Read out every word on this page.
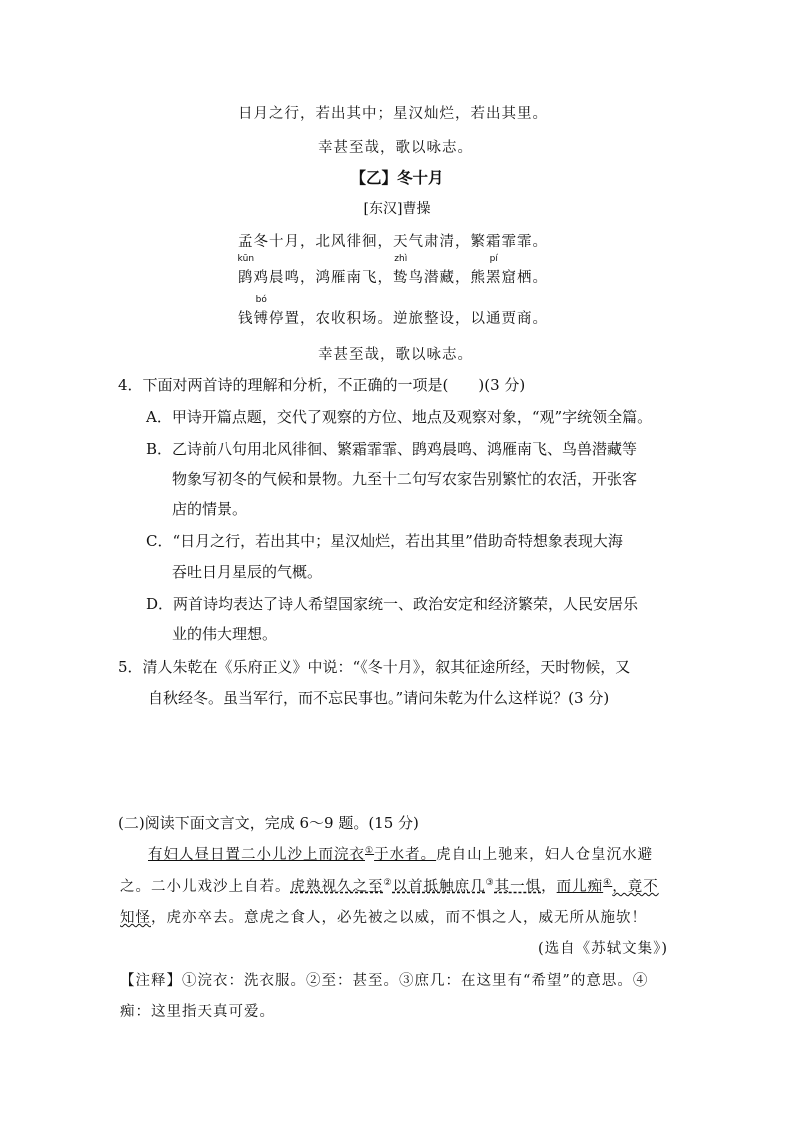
日月之行，若出其中；星汉灿烂，若出其里。
幸甚至哉，歌以咏志。
【乙】冬十月
[东汉]曹操
孟冬十月，北风徘徊，天气肃清，繁霜霏霏。
kūn
鹍鸡晨鸣，鸿雁南飞，
zhì
鸷鸟潜藏，熊
pí
罴窟栖。
钱
bó
镈停置，农收积场。逆旅整设，以通贾商。
幸甚至哉，歌以咏志。
4．下面对两首诗的理解和分析，不正确的一项是(　　)(3 分)
A．甲诗开篇点题，交代了观察的方位、地点及观察对象，“观”字统领全篇。
B．乙诗前八句用北风徘徊、繁霜霏霏、鹍鸡晨鸣、鸿雁南飞、鸟兽潜藏等
物象写初冬的气候和景物。九至十二句写农家告别繁忙的农活，开张客
店的情景。
C．“日月之行，若出其中；星汉灿烂，若出其里”借助奇特想象表现大海
吞吐日月星辰的气概。
D．两首诗均表达了诗人希望国家统一、政治安定和经济繁荣，人民安居乐
业的伟大理想。
5．清人朱乾在《乐府正义》中说：“《冬十月》，叙其征途所经，天时物候，又
自秋经冬。虽当军行，而不忘民事也。”请问朱乾为什么这样说？(3 分)
(二)阅读下面文言文，完成 6～9 题。(15 分)
有妇人昼日置二小儿沙上而浣衣①于水者。虎自山上驰来，妇人仓皇沉水避
之。二小儿戏沙上自若。虎熟视久之至②以首抵触庶几③其一惧，而儿痴④，竟不
知怪，虎亦卒去。意虎之食人，必先被之以威，而不惧之人，威无所从施欤！
(选自《苏轼文集》)
【注释】①浣衣：洗衣服。②至：甚至。③庶几：在这里有“希望”的意思。④
痴：这里指天真可爱。
